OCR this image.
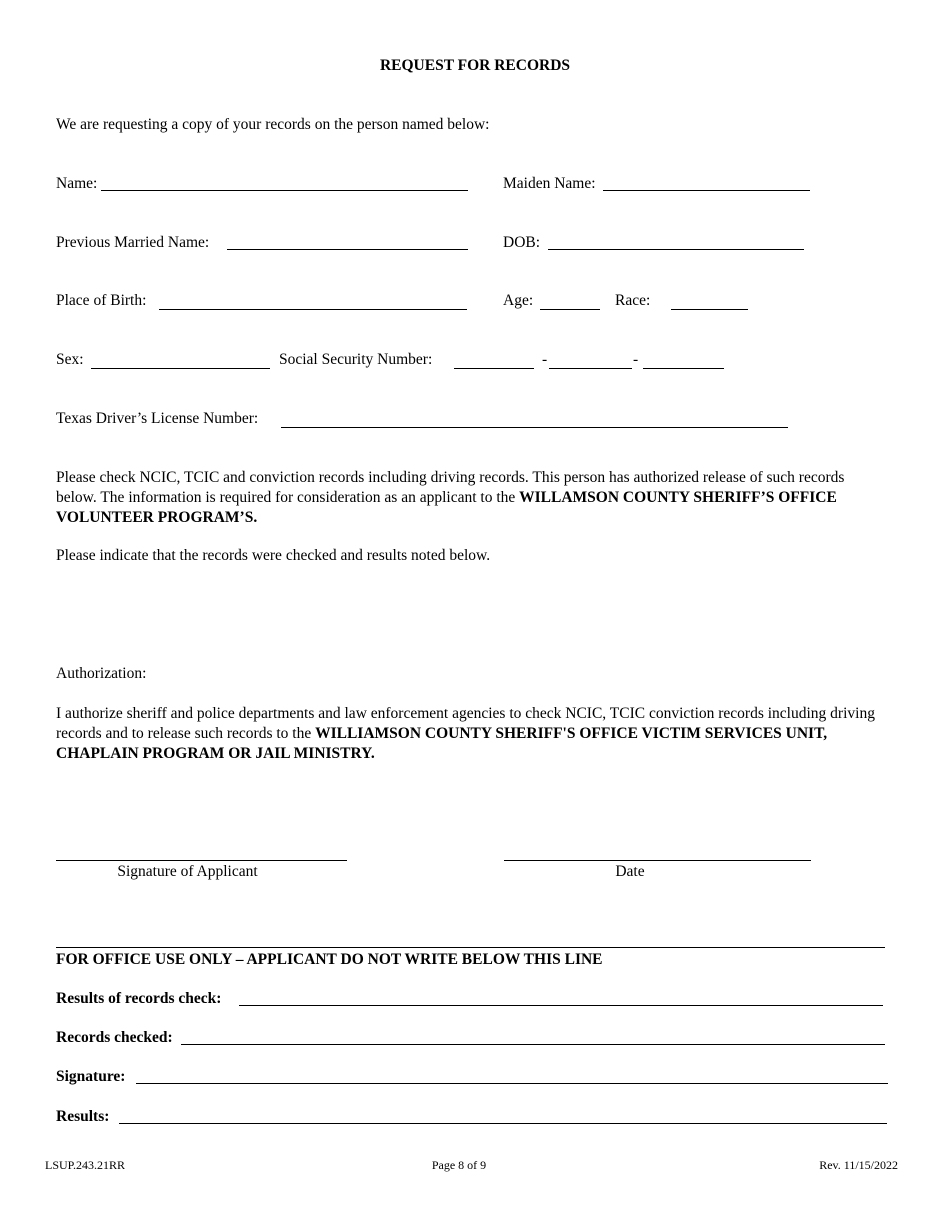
REQUEST FOR RECORDS
We are requesting a copy of your records on the person named below:
Name:	Maiden Name:
Previous Married Name:	DOB:
Place of Birth:	Age:	Race:
Sex:	Social Security Number:	-	-
Texas Driver’s License Number:
Please check NCIC, TCIC and conviction records including driving records. This person has authorized release of such records below. The information is required for consideration as an applicant to the WILLAMSON COUNTY SHERIFF’S OFFICE VOLUNTEER PROGRAM’S.
Please indicate that the records were checked and results noted below.
Authorization:
I authorize sheriff and police departments and law enforcement agencies to check NCIC, TCIC conviction records including driving records and to release such records to the WILLIAMSON COUNTY SHERIFF'S OFFICE VICTIM SERVICES UNIT, CHAPLAIN PROGRAM OR JAIL MINISTRY.
Signature of Applicant	Date
FOR OFFICE USE ONLY – APPLICANT DO NOT WRITE BELOW THIS LINE
Results of records check:
Records checked:
Signature:
Results:
LSUP.243.21RR	Page 8 of 9	Rev. 11/15/2022
